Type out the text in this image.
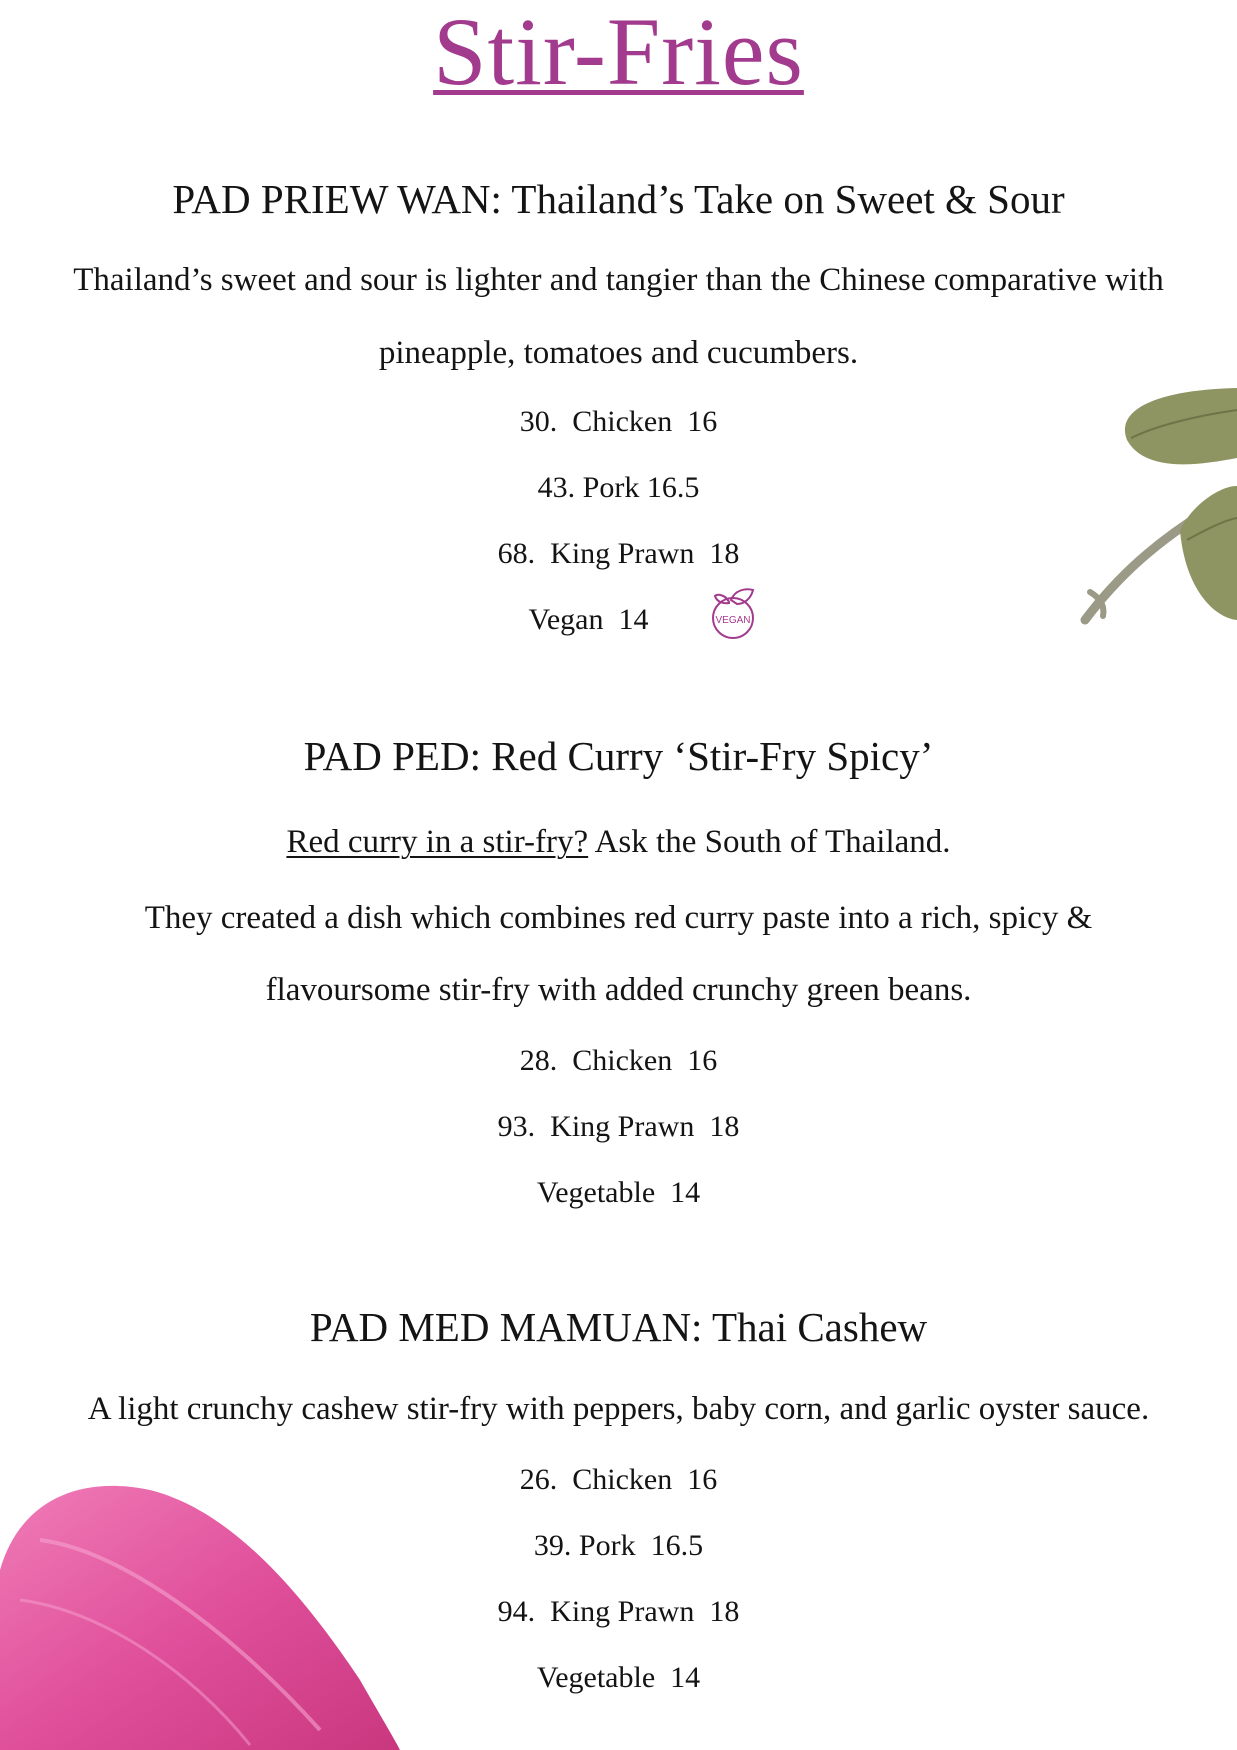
Stir-Fries
PAD PRIEW WAN: Thailand’s Take on Sweet & Sour
Thailand’s sweet and sour is lighter and tangier than the Chinese comparative with
pineapple, tomatoes and cucumbers.
30.  Chicken  16
43. Pork 16.5
68.  King Prawn  18
Vegan  14	VEGAN
PAD PED: Red Curry ‘Stir-Fry Spicy’
Red curry in a stir-fry? Ask the South of Thailand.
They created a dish which combines red curry paste into a rich, spicy &
flavoursome stir-fry with added crunchy green beans.
28.  Chicken  16
93.  King Prawn  18
Vegetable  14
PAD MED MAMUAN: Thai Cashew
A light crunchy cashew stir-fry with peppers, baby corn, and garlic oyster sauce.
26.  Chicken  16
39. Pork  16.5
94.  King Prawn  18
Vegetable  14
